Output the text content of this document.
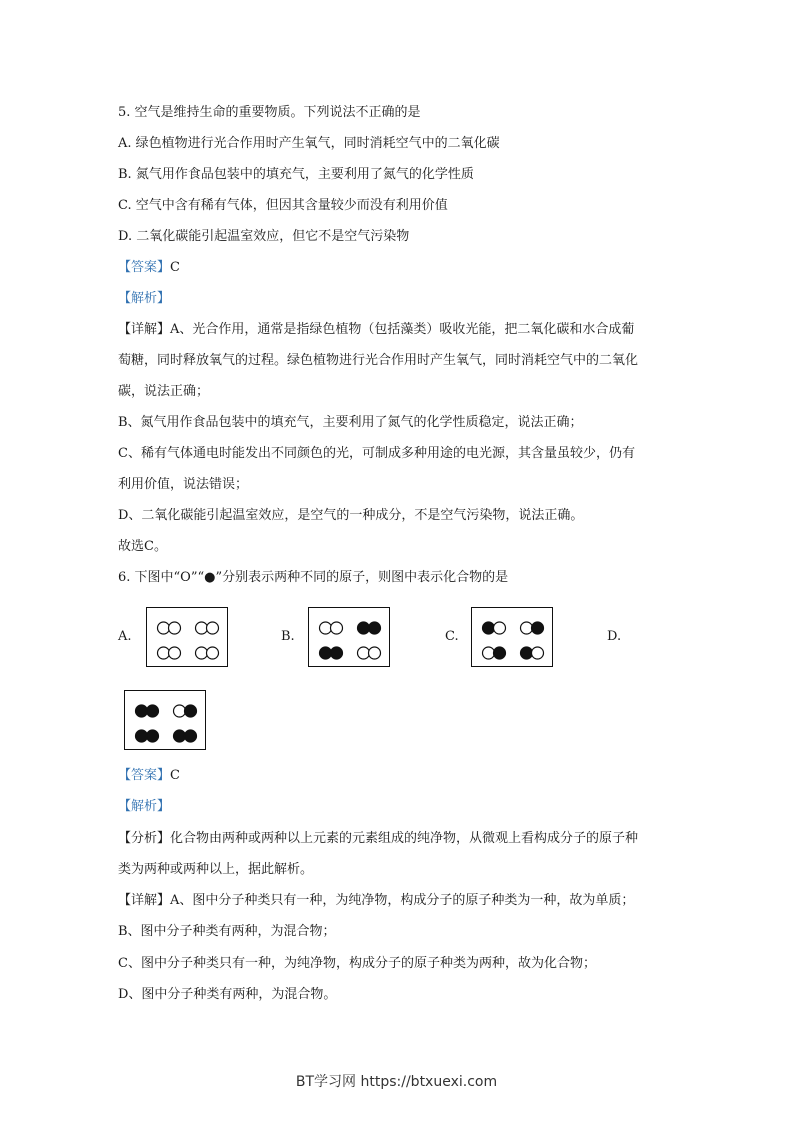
5. 空气是维持生命的重要物质。下列说法不正确的是
A. 绿色植物进行光合作用时产生氧气，同时消耗空气中的二氧化碳
B. 氮气用作食品包装中的填充气，主要利用了氮气的化学性质
C. 空气中含有稀有气体，但因其含量较少而没有利用价值
D. 二氧化碳能引起温室效应，但它不是空气污染物
【答案】C
【解析】
【详解】A、光合作用，通常是指绿色植物（包括藻类）吸收光能，把二氧化碳和水合成葡
萄糖，同时释放氧气的过程。绿色植物进行光合作用时产生氧气，同时消耗空气中的二氧化
碳，说法正确；
B、氮气用作食品包装中的填充气，主要利用了氮气的化学性质稳定，说法正确；
C、稀有气体通电时能发出不同颜色的光，可制成多种用途的电光源，其含量虽较少，仍有
利用价值，说法错误；
D、二氧化碳能引起温室效应，是空气的一种成分，不是空气污染物，说法正确。
故选C。
6. 下图中“O”“●”分别表示两种不同的原子，则图中表示化合物的是
A.	B.	C.	D.
【答案】C
【解析】
【分析】化合物由两种或两种以上元素的元素组成的纯净物，从微观上看构成分子的原子种
类为两种或两种以上，据此解析。
【详解】A、图中分子种类只有一种，为纯净物，构成分子的原子种类为一种，故为单质；
B、图中分子种类有两种，为混合物；
C、图中分子种类只有一种，为纯净物，构成分子的原子种类为两种，故为化合物；
D、图中分子种类有两种，为混合物。
BT学习网 https://btxuexi.com
